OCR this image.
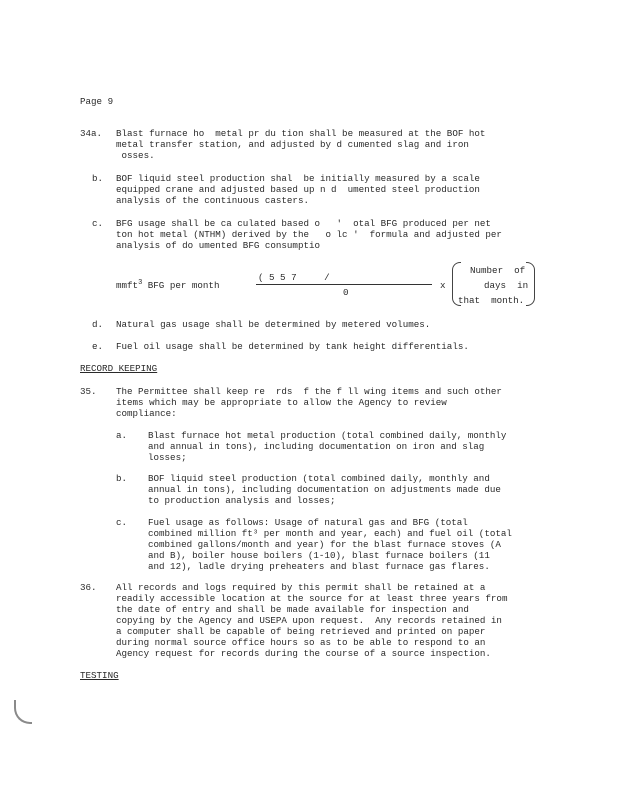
Page 9
34a. Blast furnace ho  metal pr du tion shall be measured at the BOF hot
metal transfer station, and adjusted by d cumented slag and iron
osses.
b. BOF liquid steel production shal  be initially measured by a scale
equipped crane and adjusted based up n d  umented steel production
analysis of the continuous casters.
c. BFG usage shall be ca culated based o   '  otal BFG produced per net
ton hot metal (NTHM) derived by the   o lc '  formula and adjusted per
analysis of do umented BFG consumptio
mmft$^3$ BFG per month
( 5 5 7     /
0
x
Number  of
days  in
that  month.
d. Natural gas usage shall be determined by metered volumes.
e. Fuel oil usage shall be determined by tank height differentials.
RECORD KEEPING
35. The Permittee shall keep re  rds  f the f ll wing items and such other
items which may be appropriate to allow the Agency to review
compliance:
a. Blast furnace hot metal production (total combined daily, monthly
and annual in tons), including documentation on iron and slag
losses;
b. BOF liquid steel production (total combined daily, monthly and
annual in tons), including documentation on adjustments made due
to production analysis and losses;
c. Fuel usage as follows: Usage of natural gas and BFG (total
combined million ft³ per month and year, each) and fuel oil (total
combined gallons/month and year) for the blast furnace stoves (A
and B), boiler house boilers (1-10), blast furnace boilers (11
and 12), ladle drying preheaters and blast furnace gas flares.
36. All records and logs required by this permit shall be retained at a
readily accessible location at the source for at least three years from
the date of entry and shall be made available for inspection and
copying by the Agency and USEPA upon request.  Any records retained in
a computer shall be capable of being retrieved and printed on paper
during normal source office hours so as to be able to respond to an
Agency request for records during the course of a source inspection.
TESTING
